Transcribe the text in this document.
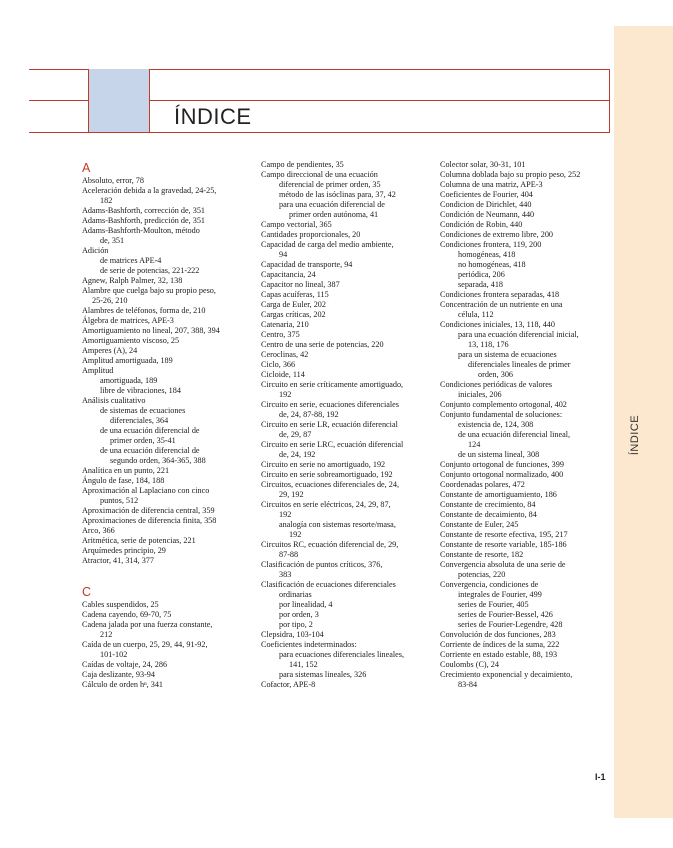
ÍNDICE
ÍNDICE
A
Absoluto, error, 78
Aceleración debida a la gravedad, 24-25,
182
Adams-Bashforth, corrección de, 351
Adams-Bashforth, predicción de, 351
Adams-Bashforth-Moulton, método
de, 351
Adición
de matrices APE-4
de serie de potencias, 221-222
Agnew, Ralph Palmer, 32, 138
Alambre que cuelga bajo su propio peso,
25-26, 210
Alambres de teléfonos, forma de, 210
Álgebra de matrices, APE-3
Amortiguamiento no lineal, 207, 388, 394
Amortiguamiento viscoso, 25
Amperes (A), 24
Amplitud amortiguada, 189
Amplitud
amortiguada, 189
libre de vibraciones, 184
Análisis cualitativo
de sistemas de ecuaciones
diferenciales, 364
de una ecuación diferencial de
primer orden, 35-41
de una ecuación diferencial de
segundo orden, 364-365, 388
Analítica en un punto, 221
Ángulo de fase, 184, 188
Aproximación al Laplaciano con cinco
puntos, 512
Aproximación de diferencia central, 359
Aproximaciones de diferencia finita, 358
Arco, 366
Aritmética, serie de potencias, 221
Arquímedes principio, 29
Atractor, 41, 314, 377
C
Cables suspendidos, 25
Cadena cayendo, 69-70, 75
Cadena jalada por una fuerza constante,
212
Caída de un cuerpo, 25, 29, 44, 91-92,
101-102
Caídas de voltaje, 24, 286
Caja deslizante, 93-94
Cálculo de orden hⁿ, 341
Campo de pendientes, 35
Campo direccional de una ecuación
diferencial de primer orden, 35
método de las isóclinas para, 37, 42
para una ecuación diferencial de
primer orden autónoma, 41
Campo vectorial, 365
Cantidades proporcionales, 20
Capacidad de carga del medio ambiente,
94
Capacidad de transporte, 94
Capacitancia, 24
Capacitor no lineal, 387
Capas acuíferas, 115
Carga de Euler, 202
Cargas críticas, 202
Catenaria, 210
Centro, 375
Centro de una serie de potencias, 220
Ceroclinas, 42
Ciclo, 366
Cicloide, 114
Circuito en serie críticamente amortiguado,
192
Circuito en serie, ecuaciones diferenciales
de, 24, 87-88, 192
Circuito en serie LR, ecuación diferencial
de, 29, 87
Circuito en serie LRC, ecuación diferencial
de, 24, 192
Circuito en serie no amortiguado, 192
Circuito en serie sobreamortiguado, 192
Circuitos, ecuaciones diferenciales de, 24,
29, 192
Circuitos en serie eléctricos, 24, 29, 87,
192
analogía con sistemas resorte/masa,
192
Circuitos RC, ecuación diferencial de, 29,
87-88
Clasificación de puntos críticos, 376,
383
Clasificación de ecuaciones diferenciales
ordinarias
por linealidad, 4
por orden, 3
por tipo, 2
Clepsidra, 103-104
Coeficientes indeterminados:
para ecuaciones diferenciales lineales,
141, 152
para sistemas lineales, 326
Cofactor, APE-8
Colector solar, 30-31, 101
Columna doblada bajo su propio peso, 252
Columna de una matriz, APE-3
Coeficientes de Fourier, 404
Condicion de Dirichlet, 440
Condición de Neumann, 440
Condición de Robin, 440
Condiciones de extremo libre, 200
Condiciones frontera, 119, 200
homogéneas, 418
no homogéneas, 418
periódica, 206
separada, 418
Condiciones frontera separadas, 418
Concentración de un nutriente en una
célula, 112
Condiciones iniciales, 13, 118, 440
para una ecuación diferencial inicial,
13, 118, 176
para un sistema de ecuaciones
diferenciales lineales de primer
orden, 306
Condiciones periódicas de valores
iniciales, 206
Conjunto complemento ortogonal, 402
Conjunto fundamental de soluciones:
existencia de, 124, 308
de una ecuación diferencial lineal,
124
de un sistema lineal, 308
Conjunto ortogonal de funciones, 399
Conjunto ortogonal normalizado, 400
Coordenadas polares, 472
Constante de amortiguamiento, 186
Constante de crecimiento, 84
Constante de decaimiento, 84
Constante de Euler, 245
Constante de resorte efectiva, 195, 217
Constante de resorte variable, 185-186
Constante de resorte, 182
Convergencia absoluta de una serie de
potencias, 220
Convergencia, condiciones de
integrales de Fourier, 499
series de Fourier, 405
series de Fourier-Bessel, 426
series de Fourier-Legendre, 428
Convolución de dos funciones, 283
Corriente de índices de la suma, 222
Corriente en estado estable, 88, 193
Coulombs (C), 24
Crecimiento exponencial y decaimiento,
83-84
I-1
